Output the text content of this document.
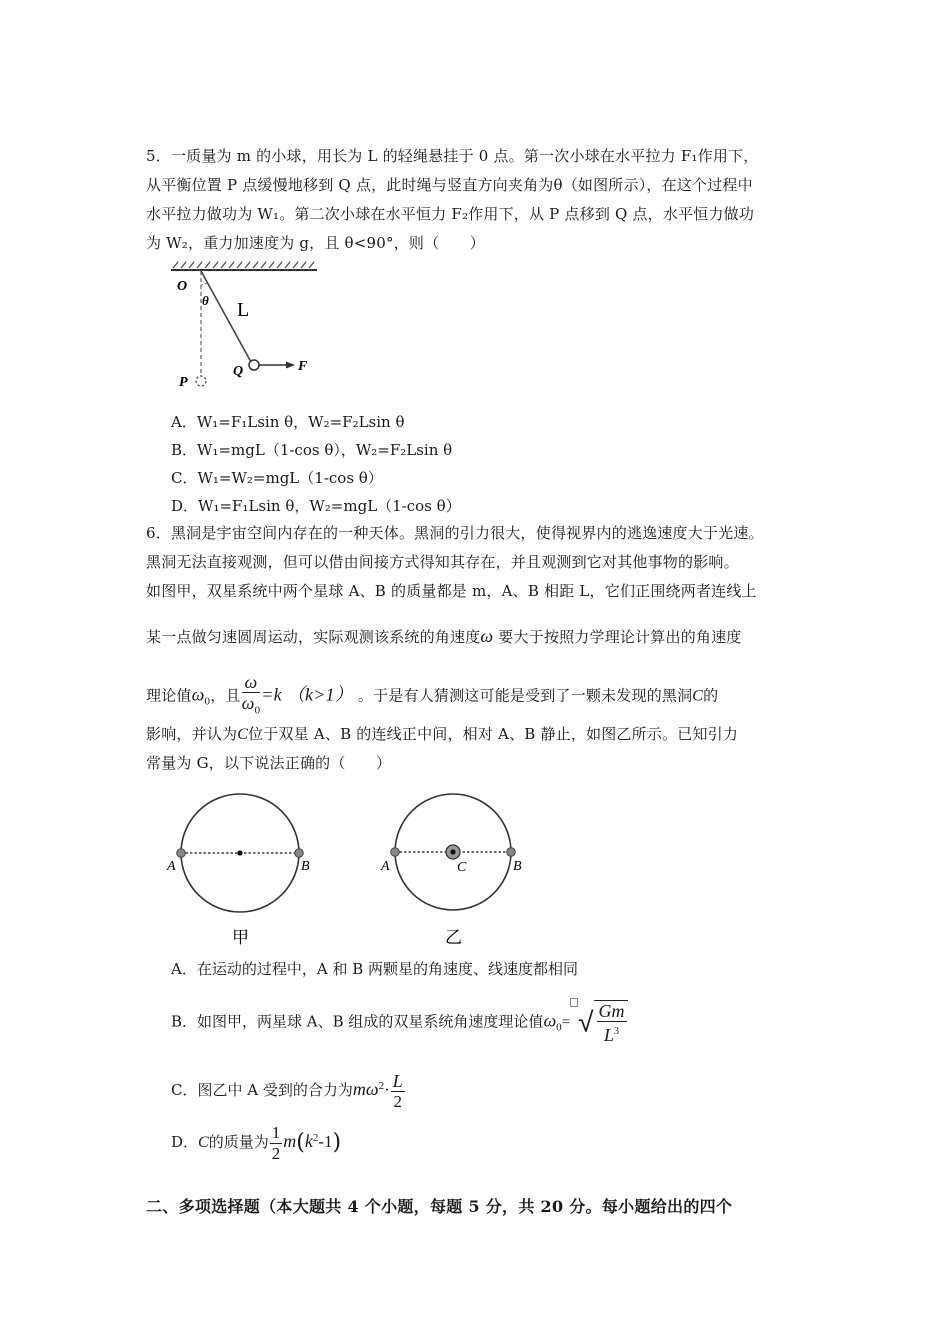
5．一质量为 m 的小球，用长为 L 的轻绳悬挂于 0 点。第一次小球在水平拉力 F₁作用下，
从平衡位置 P 点缓慢地移到 Q 点，此时绳与竖直方向夹角为θ（如图所示），在这个过程中
水平拉力做功为 W₁。第二次小球在水平恒力 F₂作用下，从 P 点移到 Q 点，水平恒力做功
为 W₂，重力加速度为 g，且 θ<90°，则（　　）
O
θ L
P
Q	F
A．W₁=F₁Lsin θ，W₂=F₂Lsin θ
B．W₁=mgL（1-cos θ），W₂=F₂Lsin θ
C．W₁=W₂=mgL（1-cos θ）
D．W₁=F₁Lsin θ，W₂=mgL（1-cos θ）
6．黑洞是宇宙空间内存在的一种天体。黑洞的引力很大，使得视界内的逃逸速度大于光速。
黑洞无法直接观测，但可以借由间接方式得知其存在，并且观测到它对其他事物的影响。
如图甲，双星系统中两个星球 A、B 的质量都是 m，A、B 相距 L，它们正围绕两者连线上
某一点做匀速圆周运动，实际观测该系统的角速度ω 要大于按照力学理论计算出的角速度
理论值$\omega_0$，且 $\frac{\omega}{\omega_0} =k$ （k>1） 。于是有人猜测这可能是受到了一颗未发现的黑洞C的
影响，并认为C位于双星 A、B 的连线正中间，相对 A、B 静止，如图乙所示。已知引力
常量为 G，以下说法正确的（　　）
A	B
甲
A	C	B
乙
A．在运动的过程中，A 和 B 两颗星的角速度、线速度都相同
B．如图甲，两星球 A、B 组成的双星系统角速度理论值$\omega_0=$ √ $\frac{Gm}{L^3}$
C．图乙中 A 受到的合力为$m\omega^2\cdot \frac{L}{2}$
D．C的质量为 $\frac{1}{2} m(k^2-1)$
二、多项选择题（本大题共 4 个小题，每题 5 分，共 20 分。每小题给出的四个
